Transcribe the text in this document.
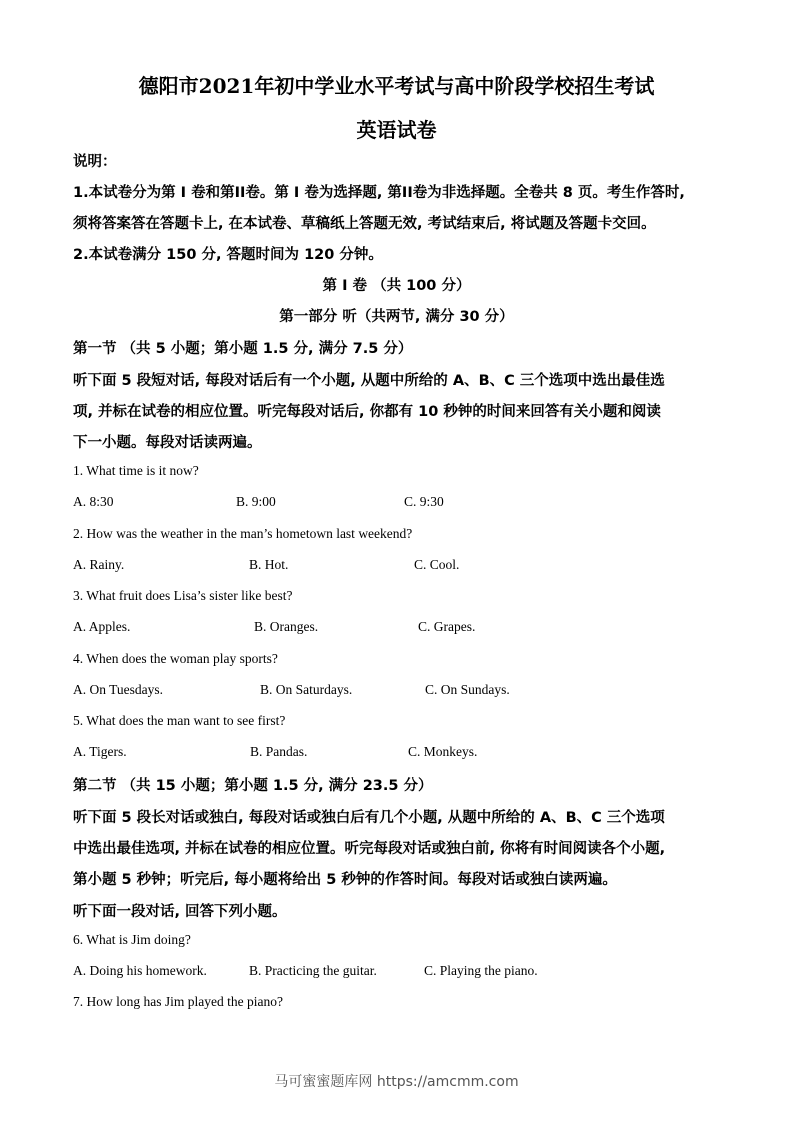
德阳市2021年初中学业水平考试与高中阶段学校招生考试
英语试卷
说明：
1.本试卷分为第 I 卷和第II卷。第 I 卷为选择题, 第II卷为非选择题。全卷共 8 页。考生作答时,
须将答案答在答题卡上, 在本试卷、草稿纸上答题无效, 考试结束后, 将试题及答题卡交回。
2.本试卷满分 150 分, 答题时间为 120 分钟。
第 I 卷 （共 100 分）
第一部分 听（共两节, 满分 30 分）
第一节 （共 5 小题；第小题 1.5 分, 满分 7.5 分）
听下面 5 段短对话, 每段对话后有一个小题, 从题中所给的 A、B、C 三个选项中选出最佳选
项, 并标在试卷的相应位置。听完每段对话后, 你都有 10 秒钟的时间来回答有关小题和阅读
下一小题。每段对话读两遍。
1. What time is it now?
A. 8:30	B. 9:00	C. 9:30
2. How was the weather in the man’s hometown last weekend?
A. Rainy.	B. Hot.	C. Cool.
3. What fruit does Lisa’s sister like best?
A. Apples.	B. Oranges.	C. Grapes.
4. When does the woman play sports?
A. On Tuesdays.	B. On Saturdays.	C. On Sundays.
5. What does the man want to see first?
A. Tigers.	B. Pandas.	C. Monkeys.
第二节 （共 15 小题；第小题 1.5 分, 满分 23.5 分）
听下面 5 段长对话或独白, 每段对话或独白后有几个小题, 从题中所给的 A、B、C 三个选项
中选出最佳选项, 并标在试卷的相应位置。听完每段对话或独白前, 你将有时间阅读各个小题,
第小题 5 秒钟；听完后, 每小题将给出 5 秒钟的作答时间。每段对话或独白读两遍。
听下面一段对话, 回答下列小题。
6. What is Jim doing?
A. Doing his homework.	B. Practicing the guitar.	C. Playing the piano.
7. How long has Jim played the piano?
马可蜜蜜题库网 https://amcmm.com
